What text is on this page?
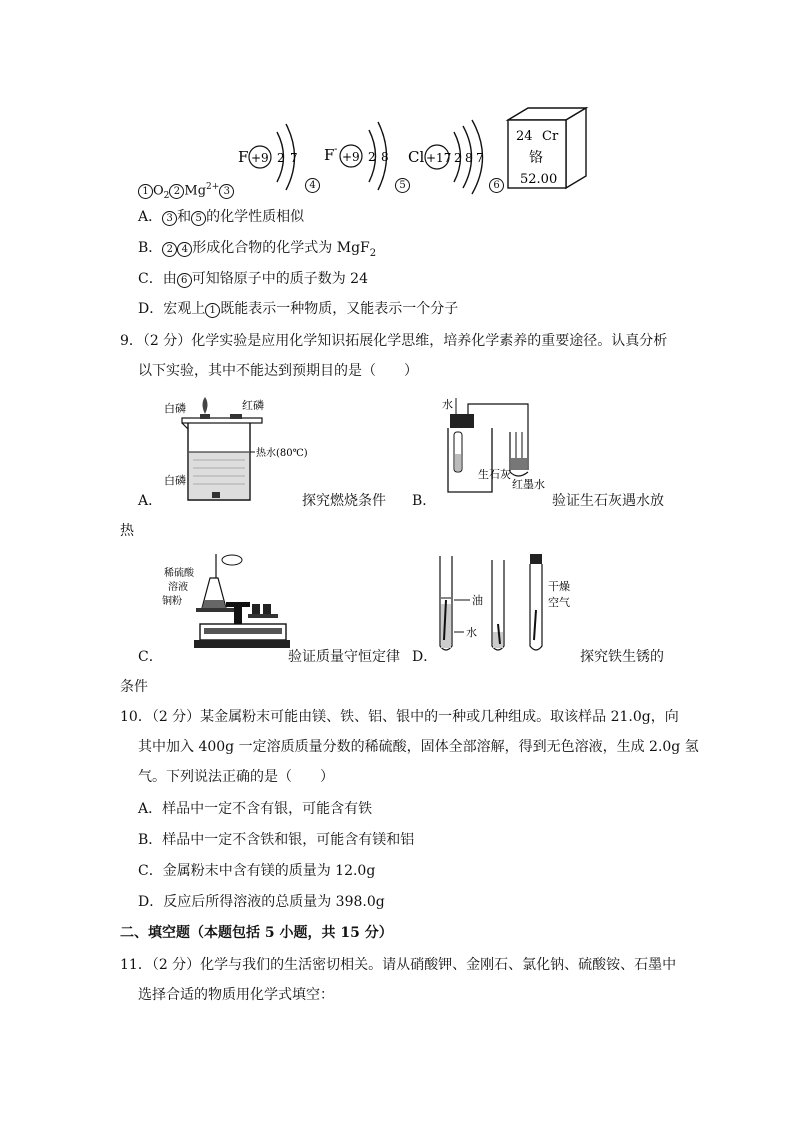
F +9 2 7 F -
+9 2 8 Cl +17 2 8 7
24 Cr
铬
52.00
1 $O_2$ 2 $Mg^{2+}$ 3
4	5	6
A． 3 和 5 的化学性质相似
B． 2 4 形成化合物的化学式为 MgF$_2$
C．由 6 可知铬原子中的质子数为 24
D．宏观上 1 既能表示一种物质，又能表示一个分子
9．（2 分）化学实验是应用化学知识拓展化学思维，培养化学素养的重要途径。认真分析
以下实验，其中不能达到预期目的是（　　）
白磷	红磷
热水(80℃)
白磷
A．	探究燃烧条件
水
生石灰
红墨水
B．	验证生石灰遇水放
热
稀硫酸
溶液
铜粉
C．	验证质量守恒定律
油
水
干燥
空气
D．	探究铁生锈的
条件
10．（2 分）某金属粉末可能由镁、铁、铝、银中的一种或几种组成。取该样品 21.0g，向
其中加入 400g 一定溶质质量分数的稀硫酸，固体全部溶解，得到无色溶液，生成 2.0g 氢
气。下列说法正确的是（　　）
A．样品中一定不含有银，可能含有铁
B．样品中一定不含铁和银，可能含有镁和铝
C．金属粉末中含有镁的质量为 12.0g
D．反应后所得溶液的总质量为 398.0g
二、填空题（本题包括 5 小题，共 15 分）
11．（2 分）化学与我们的生活密切相关。请从硝酸钾、金刚石、氯化钠、硫酸铵、石墨中
选择合适的物质用化学式填空：
